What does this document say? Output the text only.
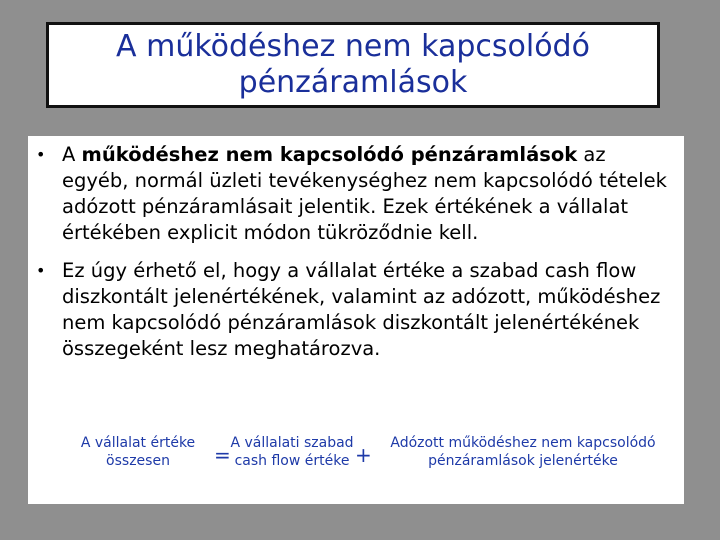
A működéshez nem kapcsolódó
pénzáramlások
• A működéshez nem kapcsolódó pénzáramlások az egyéb, normál üzleti tevékenységhez nem kapcsolódó tételek adózott pénzáramlásait jelentik. Ezek értékének a vállalat értékében explicit módon tükröződnie kell.
• Ez úgy érhető el, hogy a vállalat értéke a szabad cash flow diszkontált jelenértékének, valamint az adózott, működéshez nem kapcsolódó pénzáramlások diszkontált jelenértékének összegeként lesz meghatározva.
A vállalat értéke
összesen	= A vállalati szabad
cash flow értéke +	Adózott működéshez nem kapcsolódó
pénzáramlások jelenértéke
